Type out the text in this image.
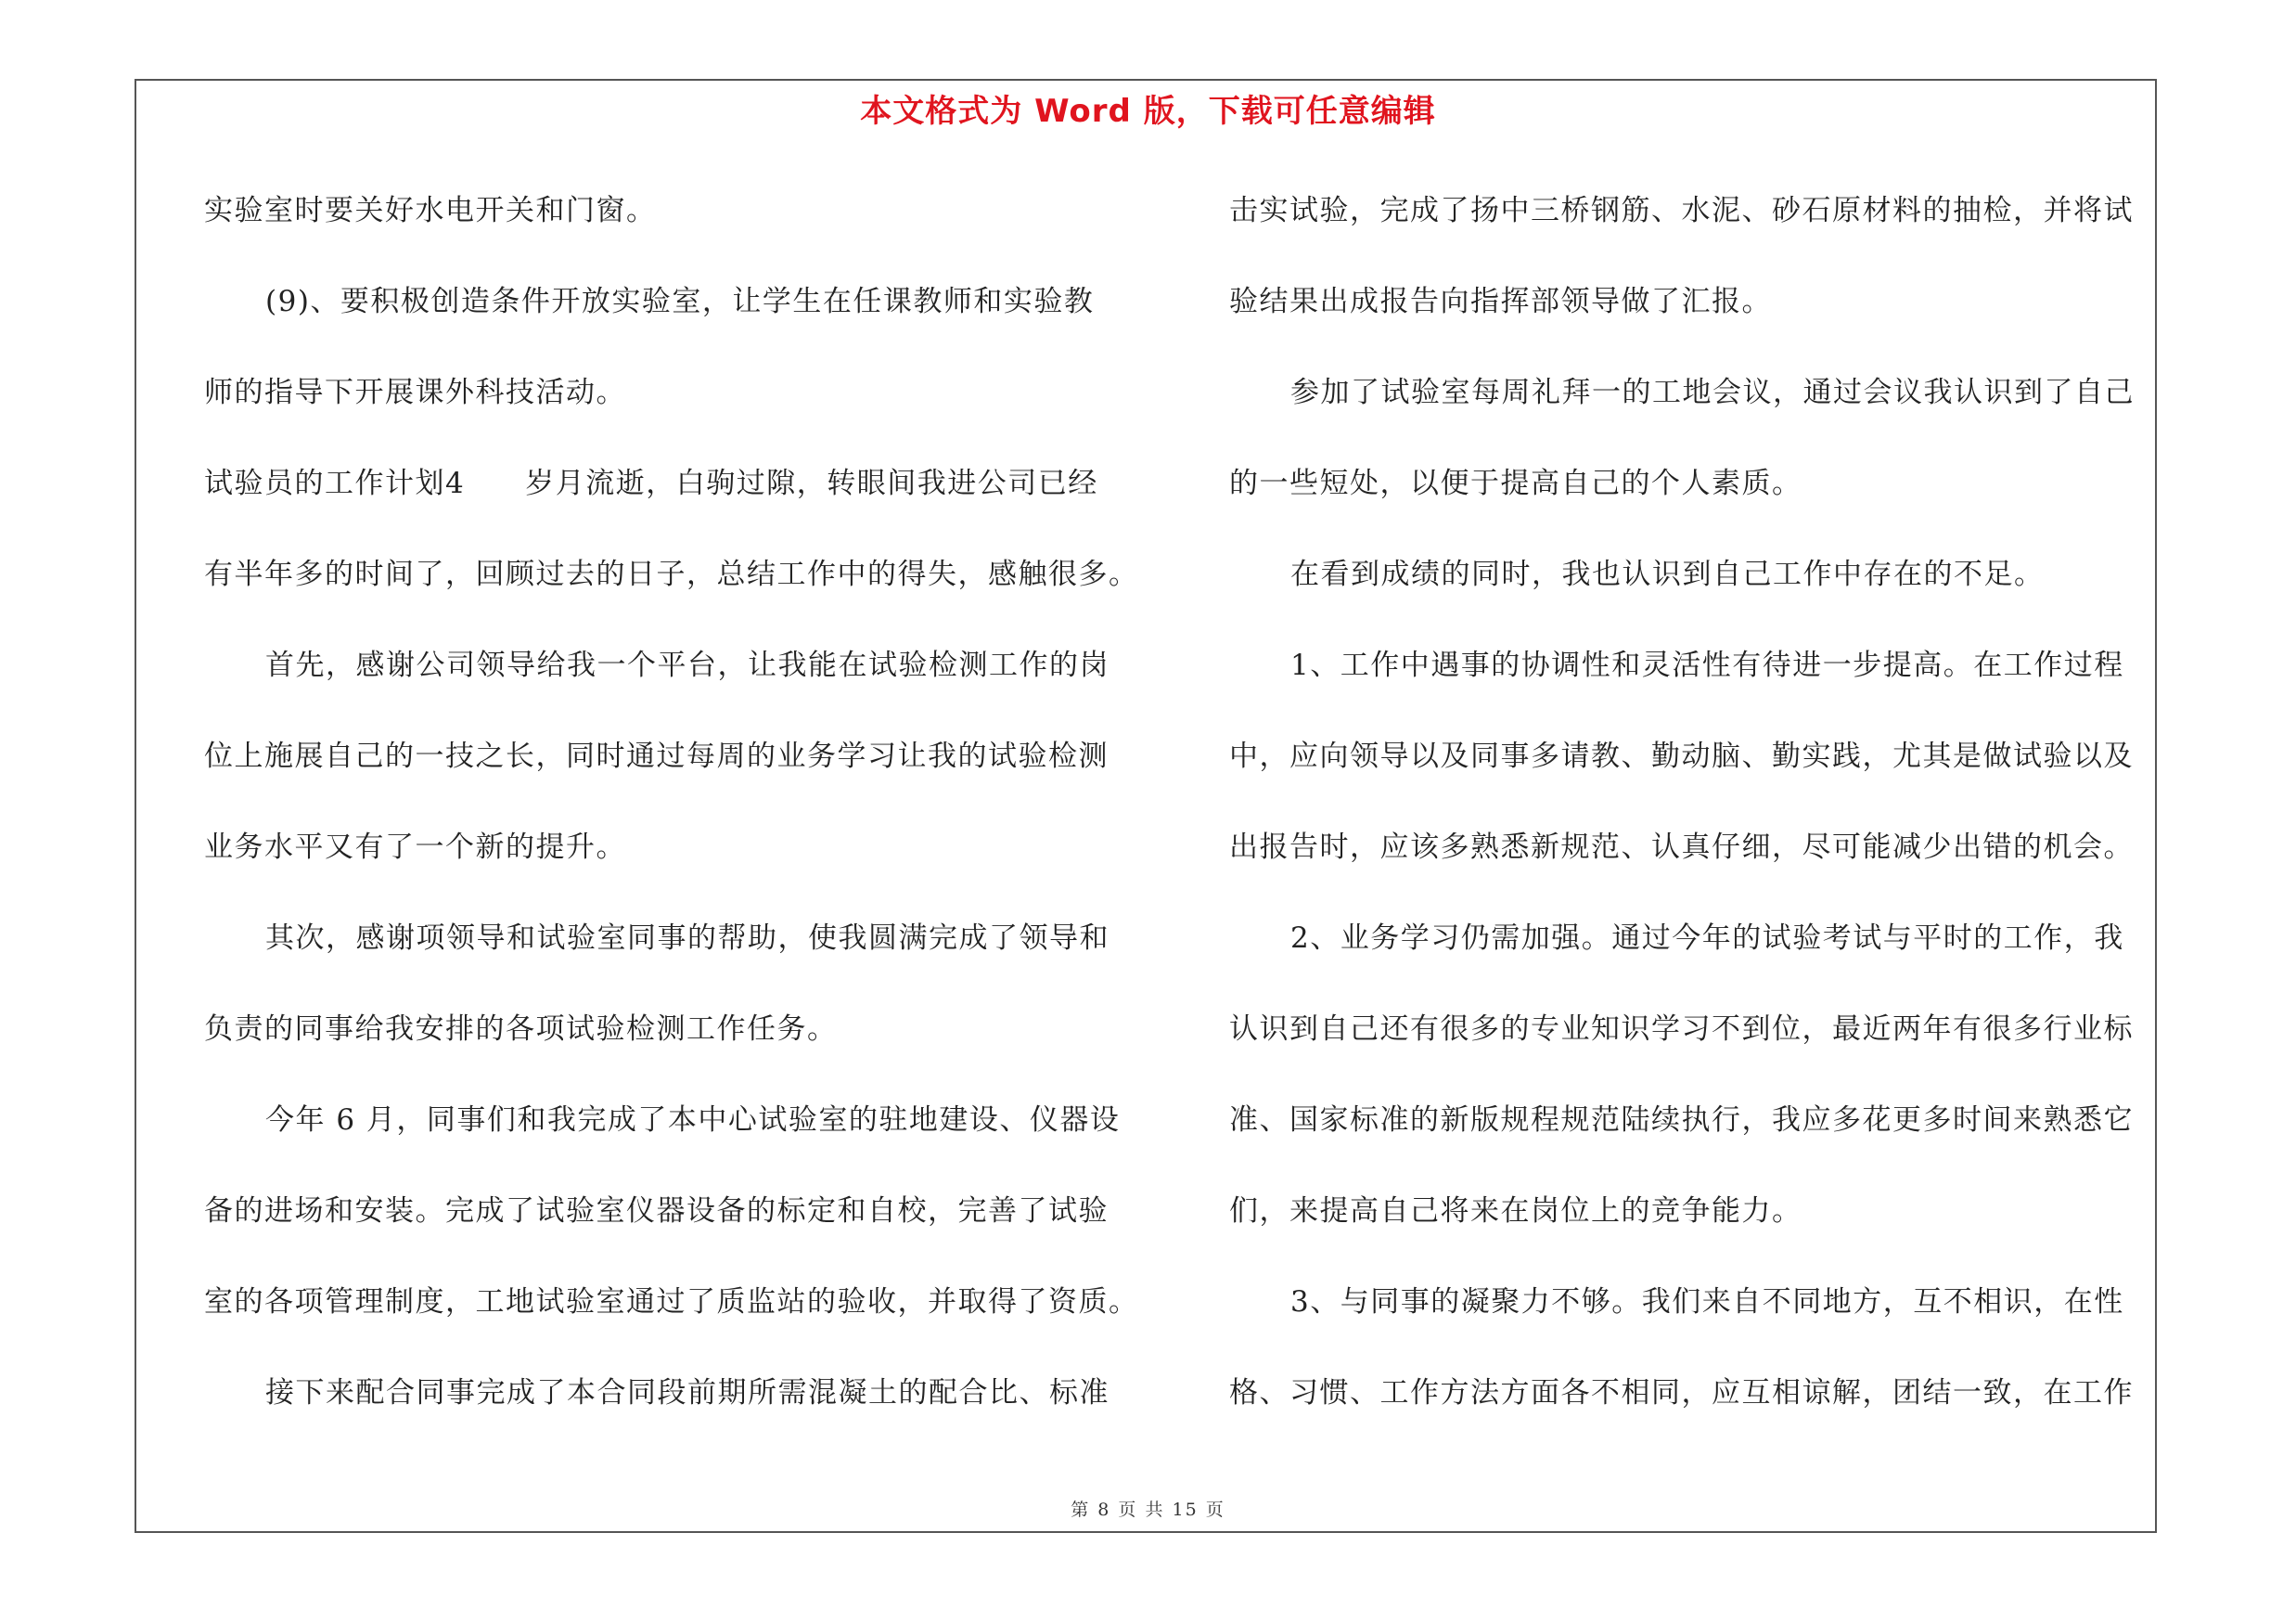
本文格式为 Word 版，下载可任意编辑
实验室时要关好水电开关和门窗。
(9)、要积极创造条件开放实验室，让学生在任课教师和实验教
师的指导下开展课外科技活动。
试验员的工作计划4　　岁月流逝，白驹过隙，转眼间我进公司已经
有半年多的时间了，回顾过去的日子，总结工作中的得失，感触很多。
首先，感谢公司领导给我一个平台，让我能在试验检测工作的岗
位上施展自己的一技之长，同时通过每周的业务学习让我的试验检测
业务水平又有了一个新的提升。
其次，感谢项领导和试验室同事的帮助，使我圆满完成了领导和
负责的同事给我安排的各项试验检测工作任务。
今年 6 月，同事们和我完成了本中心试验室的驻地建设、仪器设
备的进场和安装。完成了试验室仪器设备的标定和自校，完善了试验
室的各项管理制度，工地试验室通过了质监站的验收，并取得了资质。
接下来配合同事完成了本合同段前期所需混凝土的配合比、标准
击实试验，完成了扬中三桥钢筋、水泥、砂石原材料的抽检，并将试
验结果出成报告向指挥部领导做了汇报。
参加了试验室每周礼拜一的工地会议，通过会议我认识到了自己
的一些短处，以便于提高自己的个人素质。
在看到成绩的同时，我也认识到自己工作中存在的不足。
1、工作中遇事的协调性和灵活性有待进一步提高。在工作过程
中，应向领导以及同事多请教、勤动脑、勤实践，尤其是做试验以及
出报告时，应该多熟悉新规范、认真仔细，尽可能减少出错的机会。
2、业务学习仍需加强。通过今年的试验考试与平时的工作，我
认识到自己还有很多的专业知识学习不到位，最近两年有很多行业标
准、国家标准的新版规程规范陆续执行，我应多花更多时间来熟悉它
们，来提高自己将来在岗位上的竞争能力。
3、与同事的凝聚力不够。我们来自不同地方，互不相识，在性
格、习惯、工作方法方面各不相同，应互相谅解，团结一致，在工作
第 8 页 共 15 页
